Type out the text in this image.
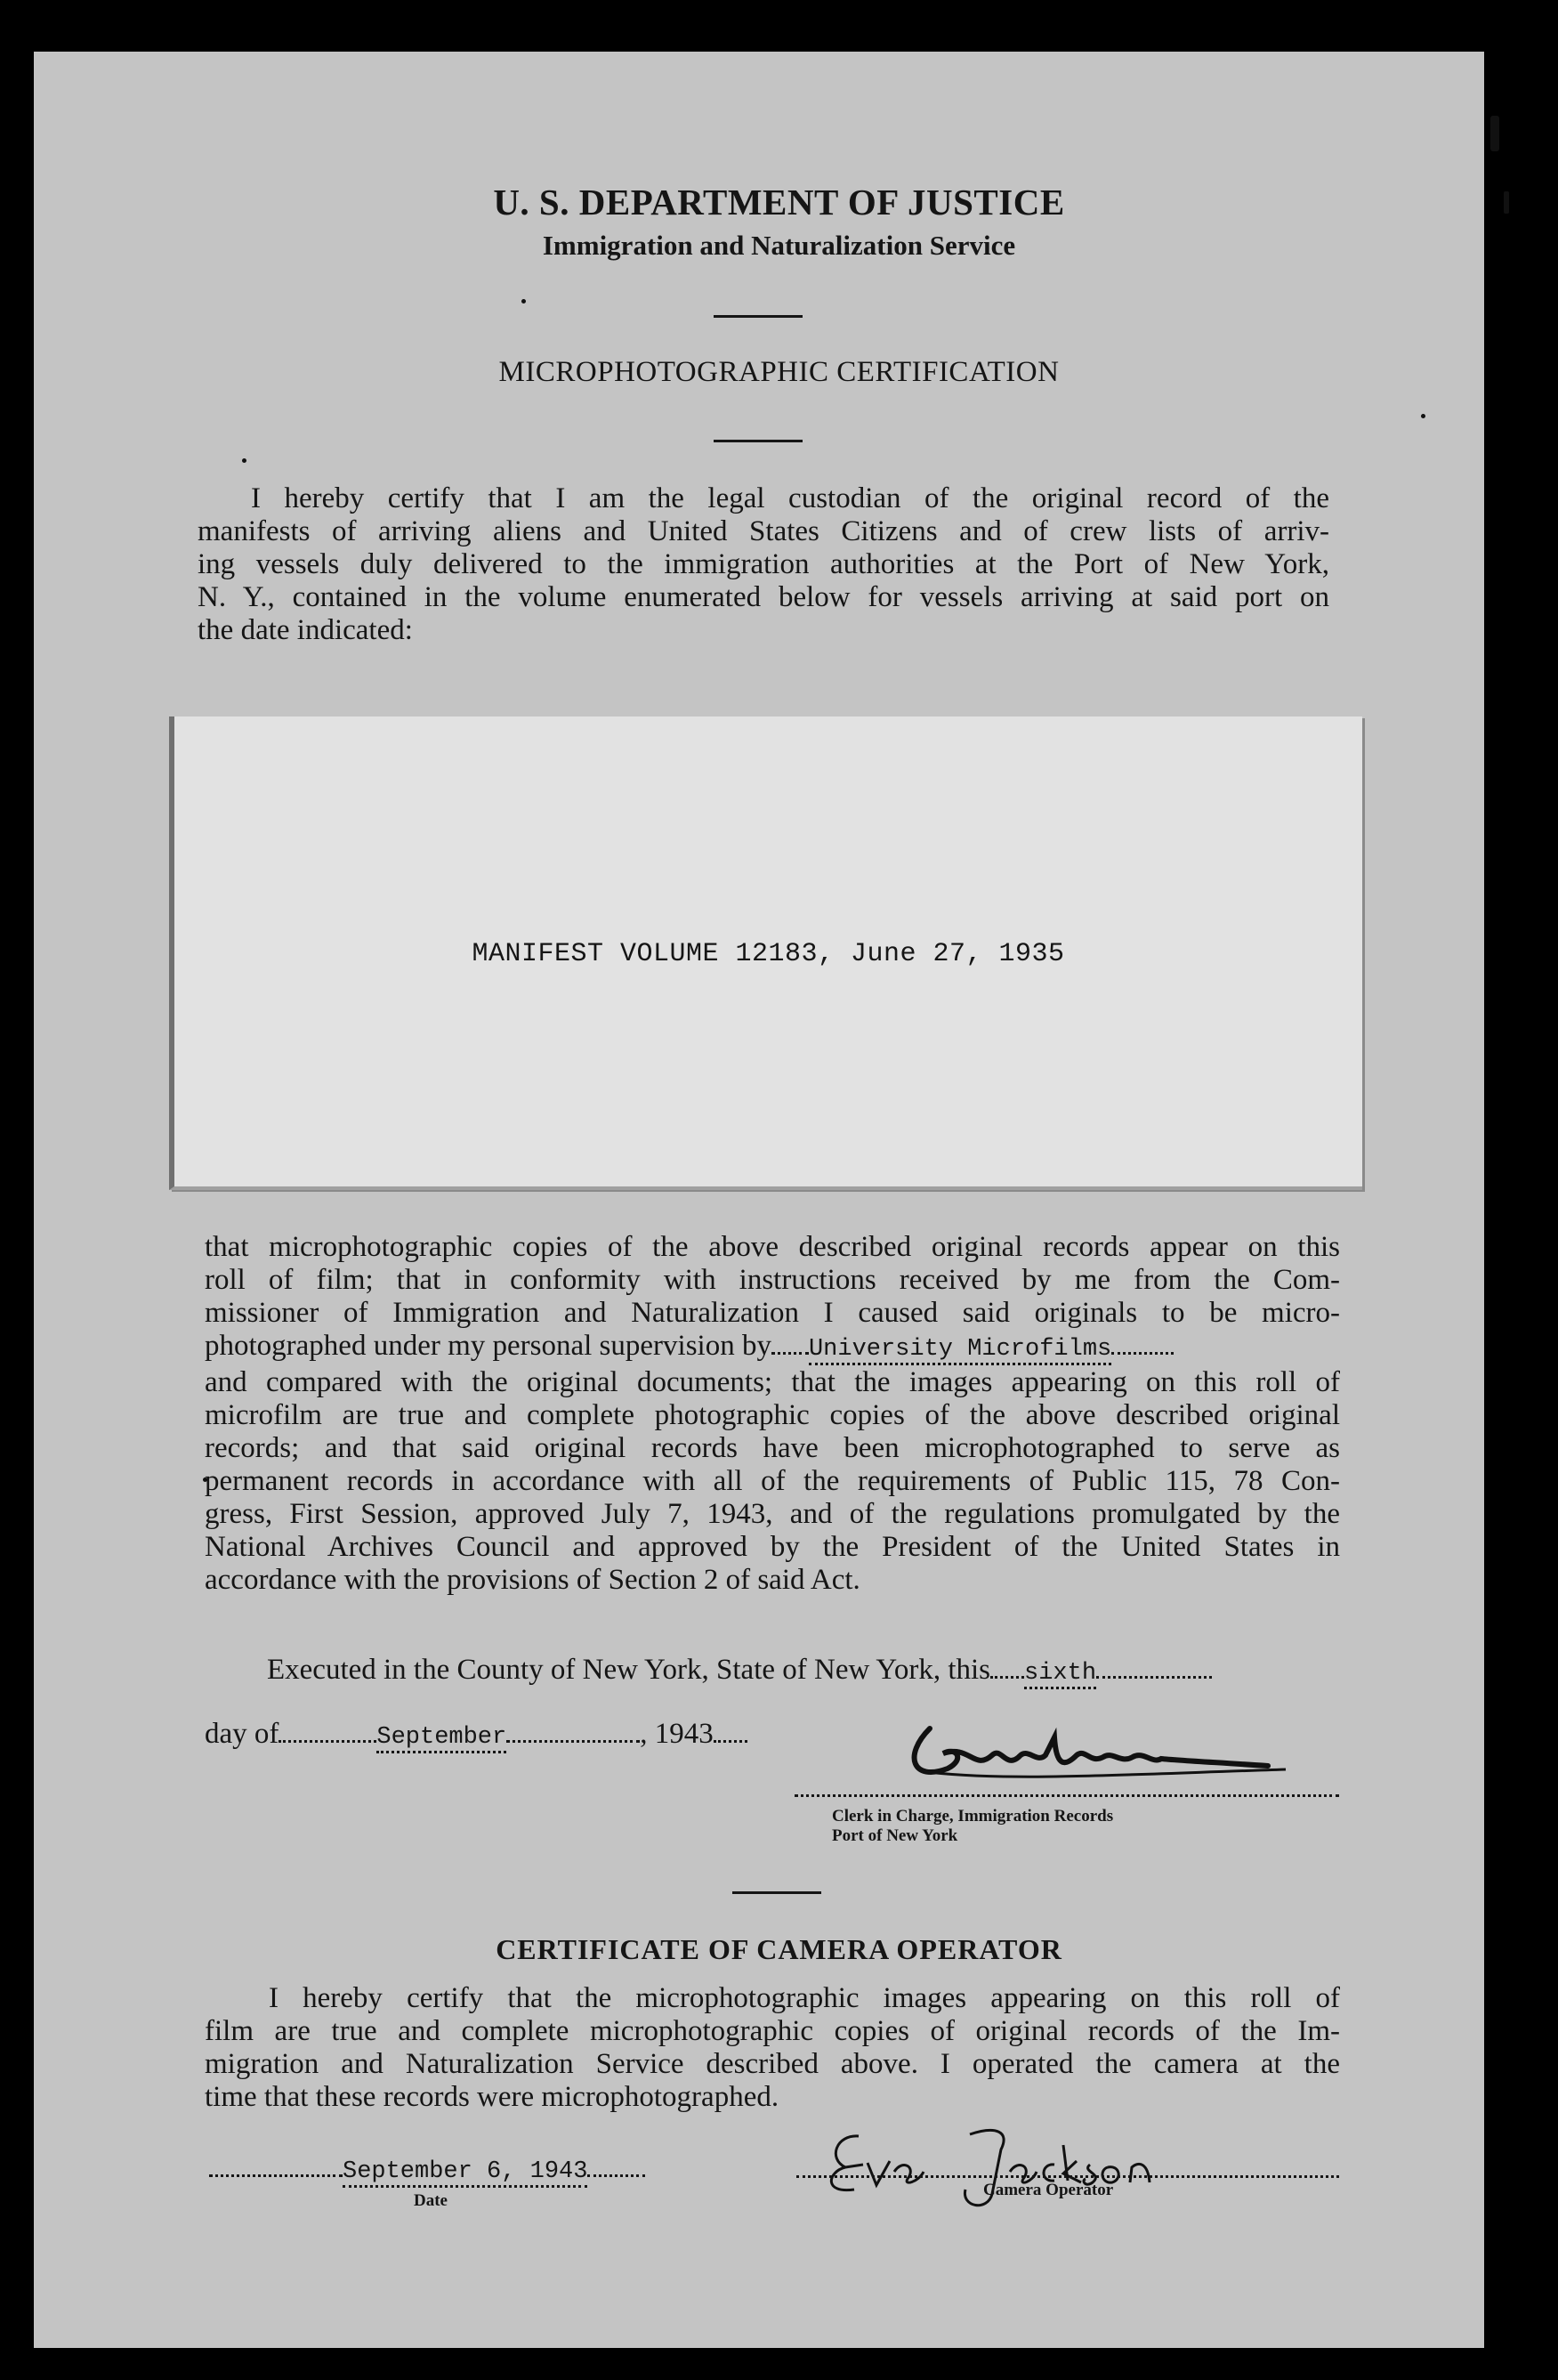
U. S. DEPARTMENT OF JUSTICE
Immigration and Naturalization Service
MICROPHOTOGRAPHIC CERTIFICATION
I hereby certify that I am the legal custodian of the original record of the
manifests of arriving aliens and United States Citizens and of crew lists of arriv-
ing vessels duly delivered to the immigration authorities at the Port of New York,
N. Y., contained in the volume enumerated below for vessels arriving at said port on
the date indicated:
MANIFEST VOLUME 12183, June 27, 1935
that microphotographic copies of the above described original records appear on this
roll of film; that in conformity with instructions received by me from the Com-
missioner of Immigration and Naturalization I caused said originals to be micro-
photographed under my personal supervision by University Microfilms
and compared with the original documents; that the images appearing on this roll of
microfilm are true and complete photographic copies of the above described original
records; and that said original records have been microphotographed to serve as
permanent records in accordance with all of the requirements of Public 115, 78 Con-
gress, First Session, approved July 7, 1943, and of the regulations promulgated by the
National Archives Council and approved by the President of the United States in
accordance with the provisions of Section 2 of said Act.
Executed in the County of New York, State of New York, this sixth
day of	September	, 1943
Clerk in Charge, Immigration Records
Port of New York
CERTIFICATE OF CAMERA OPERATOR
I hereby certify that the microphotographic images appearing on this roll of
film are true and complete microphotographic copies of original records of the Im-
migration and Naturalization Service described above. I operated the camera at the
time that these records were microphotographed.
September 6, 1943
Date
Camera Operator
